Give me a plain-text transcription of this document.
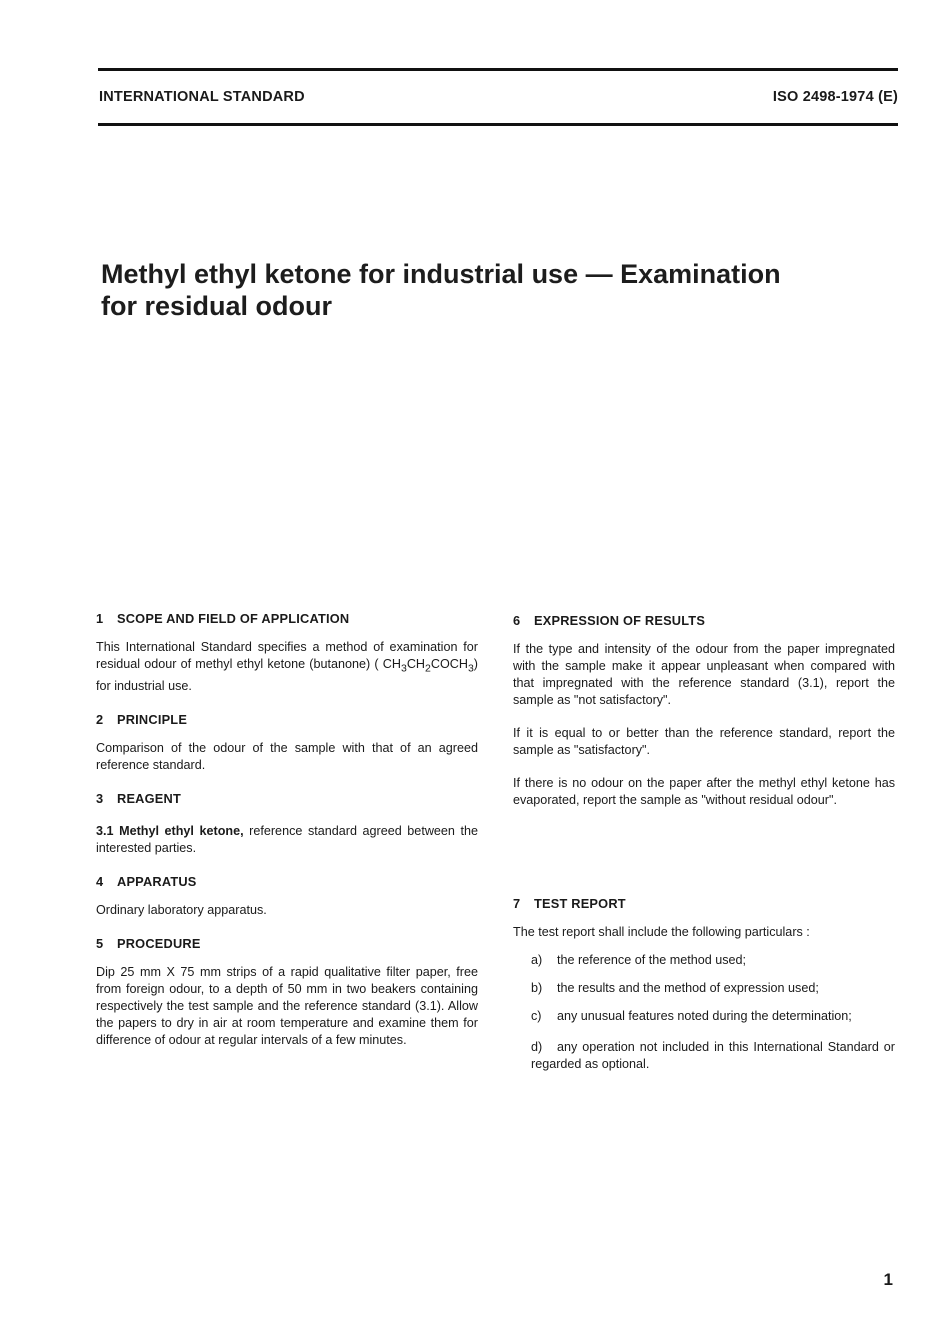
INTERNATIONAL STANDARD	ISO 2498-1974 (E)
Methyl ethyl ketone for industrial use — Examination
for residual odour
1 SCOPE AND FIELD OF APPLICATION

This International Standard specifies a method of examination for residual odour of methyl ethyl ketone (butanone) ( $CH_3CH_2COCH_3$) for industrial use.

2 PRINCIPLE

Comparison of the odour of the sample with that of an agreed reference standard.

3 REAGENT

3.1 Methyl ethyl ketone, reference standard agreed between the interested parties.

4 APPARATUS

Ordinary laboratory apparatus.

5 PROCEDURE

Dip 25 mm X 75 mm strips of a rapid qualitative filter paper, free from foreign odour, to a depth of 50 mm in two beakers containing respectively the test sample and the reference standard (3.1). Allow the papers to dry in air at room temperature and examine them for difference of odour at regular intervals of a few minutes.

6 EXPRESSION OF RESULTS

If the type and intensity of the odour from the paper impregnated with the sample make it appear unpleasant when compared with that impregnated with the reference standard (3.1), report the sample as "not satisfactory".

If it is equal to or better than the reference standard, report the sample as "satisfactory".

If there is no odour on the paper after the methyl ethyl ketone has evaporated, report the sample as "without residual odour".

7 TEST REPORT

The test report shall include the following particulars :

a) the reference of the method used;

b) the results and the method of expression used;

c) any unusual features noted during the determination;

d) any operation not included in this International Standard or regarded as optional.

1
